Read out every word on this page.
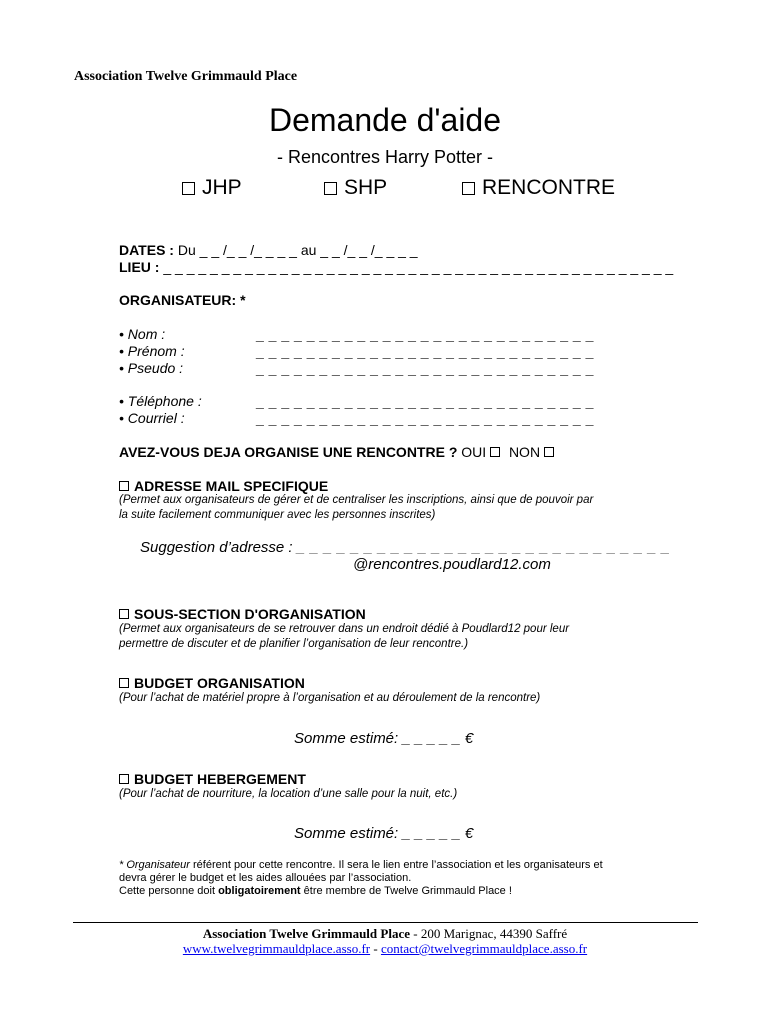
Association Twelve Grimmauld Place
Demande d'aide
- Rencontres Harry Potter -
JHP	SHP	RENCONTRE
DATES : Du _ _ /_ _ /_ _ _ _ au _ _ /_ _ /_ _ _ _
LIEU : _ _ _ _ _ _ _ _ _ _ _ _ _ _ _ _ _ _ _ _ _ _ _ _ _ _ _ _ _ _ _ _ _ _ _ _ _ _ _ _ _ _ _ _
ORGANISATEUR: *
• Nom :	_ _ _ _ _ _ _ _ _ _ _ _ _ _ _ _ _ _ _ _ _ _ _ _ _ _ _
• Prénom :	_ _ _ _ _ _ _ _ _ _ _ _ _ _ _ _ _ _ _ _ _ _ _ _ _ _ _
• Pseudo :	_ _ _ _ _ _ _ _ _ _ _ _ _ _ _ _ _ _ _ _ _ _ _ _ _ _ _
• Téléphone :	_ _ _ _ _ _ _ _ _ _ _ _ _ _ _ _ _ _ _ _ _ _ _ _ _ _ _
• Courriel :	_ _ _ _ _ _ _ _ _ _ _ _ _ _ _ _ _ _ _ _ _ _ _ _ _ _ _
AVEZ-VOUS DEJA ORGANISE UNE RENCONTRE ? OUI NON
ADRESSE MAIL SPECIFIQUE
(Permet aux organisateurs de gérer et de centraliser les inscriptions, ainsi que de pouvoir par
la suite facilement communiquer avec les personnes inscrites)
Suggestion d’adresse : _ _ _ _ _ _ _ _ _ _ _ _ _ _ _ _ _ _ _ _ _ _ _ _ _ _ _ _
@rencontres.poudlard12.com
SOUS-SECTION D'ORGANISATION
(Permet aux organisateurs de se retrouver dans un endroit dédié à Poudlard12 pour leur
permettre de discuter et de planifier l’organisation de leur rencontre.)
BUDGET ORGANISATION
(Pour l’achat de matériel propre à l’organisation et au déroulement de la rencontre)
Somme estimé: _ _ _ _ _ €
BUDGET HEBERGEMENT
(Pour l’achat de nourriture, la location d’une salle pour la nuit, etc.)
Somme estimé: _ _ _ _ _ €
* Organisateur référent pour cette rencontre. Il sera le lien entre l’association et les organisateurs et
devra gérer le budget et les aides allouées par l’association.
Cette personne doit obligatoirement être membre de Twelve Grimmauld Place !
Association Twelve Grimmauld Place - 200 Marignac, 44390 Saffré
www.twelvegrimmauldplace.asso.fr - contact@twelvegrimmauldplace.asso.fr
